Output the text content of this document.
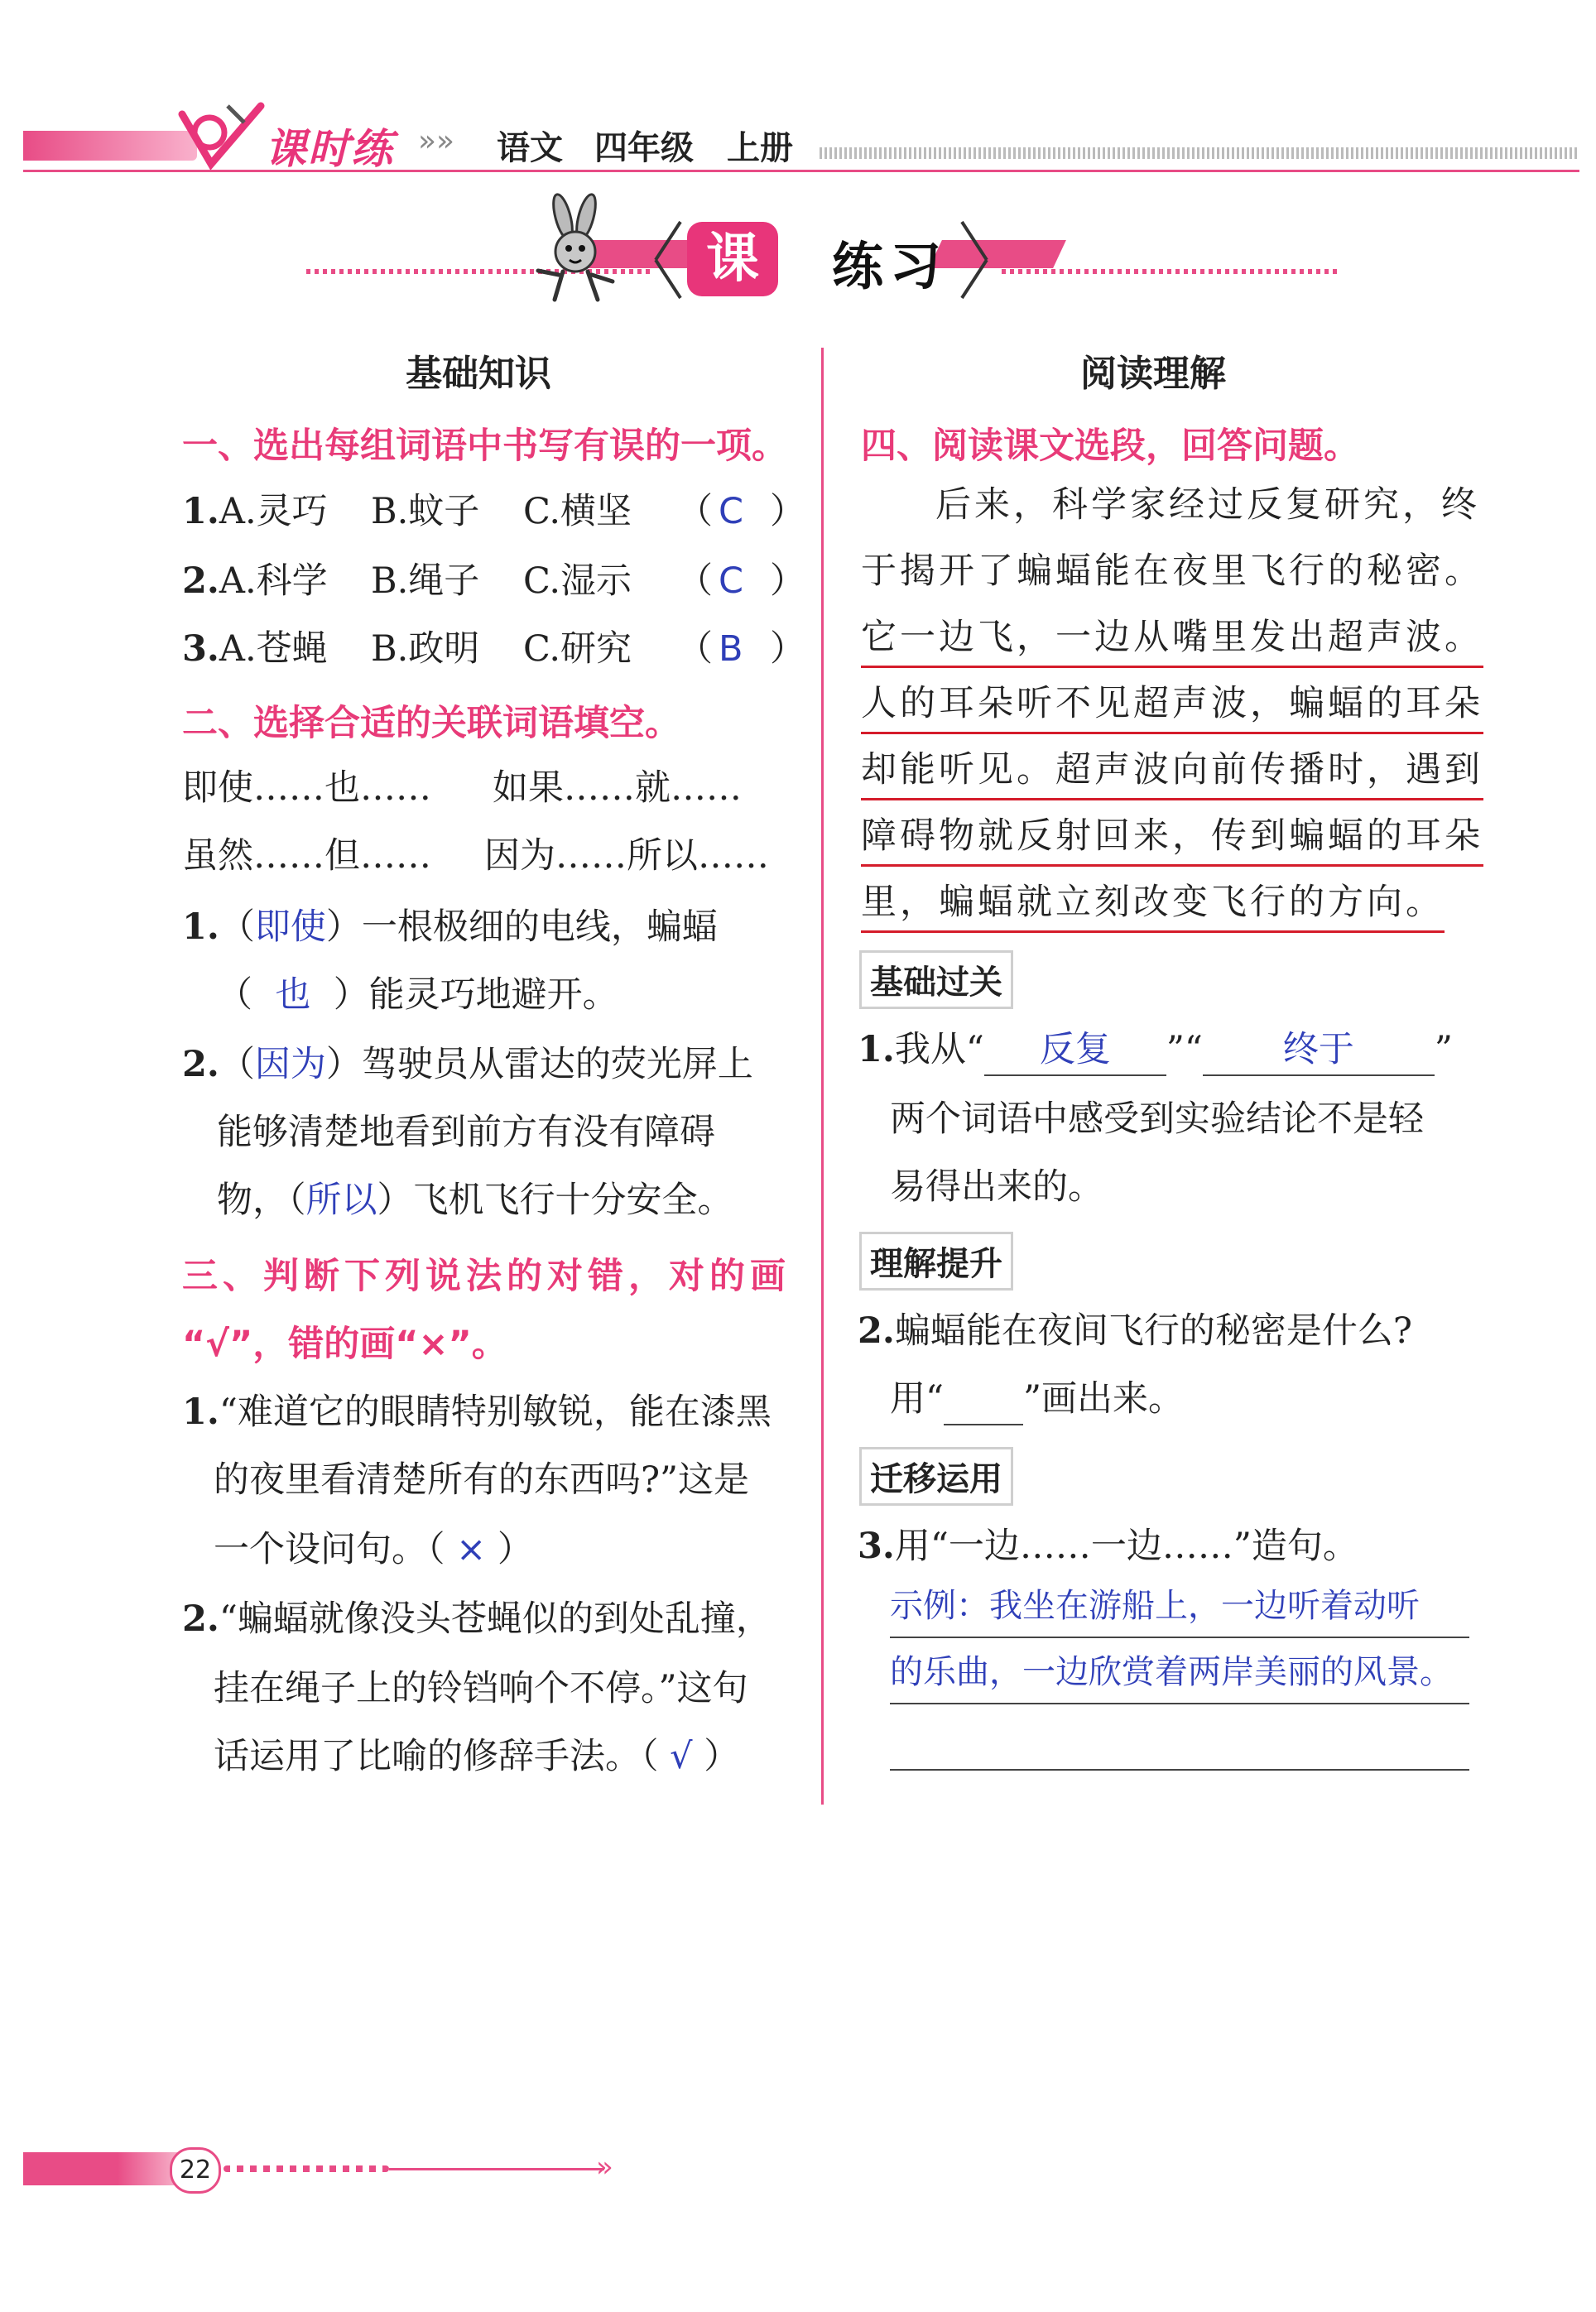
课时练 »» 语文 四年级 上册
课后
练习
基础知识
一、选出每组词语中书写有误的一项。
1.A.灵巧 B.蚊子 C.横坚 （ C ）
2.A.科学 B.绳子 C.湿示 （ C ）
3.A.苍蝇 B.政明 C.研究 （ B ）
二、选择合适的关联词语填空。
即使……也…… 如果……就……
虽然……但…… 因为……所以……
1.（即使）一根极细的电线，蝙蝠
（  也 ）能灵巧地避开。
2.（因为）驾驶员从雷达的荧光屏上
能够清楚地看到前方有没有障碍
物，（所以）飞机飞行十分安全。
三、判断下列说法的对错，对的画
“√”，错的画“×”。
1.“难道它的眼睛特别敏锐，能在漆黑
的夜里看清楚所有的东西吗?”这是
一个设问句。（ × ）
2.“蝙蝠就像没头苍蝇似的到处乱撞，
挂在绳子上的铃铛响个不停。”这句
话运用了比喻的修辞手法。（ √ ）
阅读理解
四、阅读课文选段，回答问题。
后来，科学家经过反复研究，终
于揭开了蝙蝠能在夜里飞行的秘密。
它一边飞，一边从嘴里发出超声波。
人的耳朵听不见超声波，蝙蝠的耳朵
却能听见。超声波向前传播时，遇到
障碍物就反射回来，传到蝙蝠的耳朵
里，蝙蝠就立刻改变飞行的方向。
基础过关
1.我从“ 反复 ”“ 终于 ”
两个词语中感受到实验结论不是轻
易得出来的。
理解提升
2.蝙蝠能在夜间飞行的秘密是什么?
用“ ”画出来。
迁移运用
3.用“一边……一边……”造句。
示例：我坐在游船上，一边听着动听
的乐曲，一边欣赏着两岸美丽的风景。
22	»
